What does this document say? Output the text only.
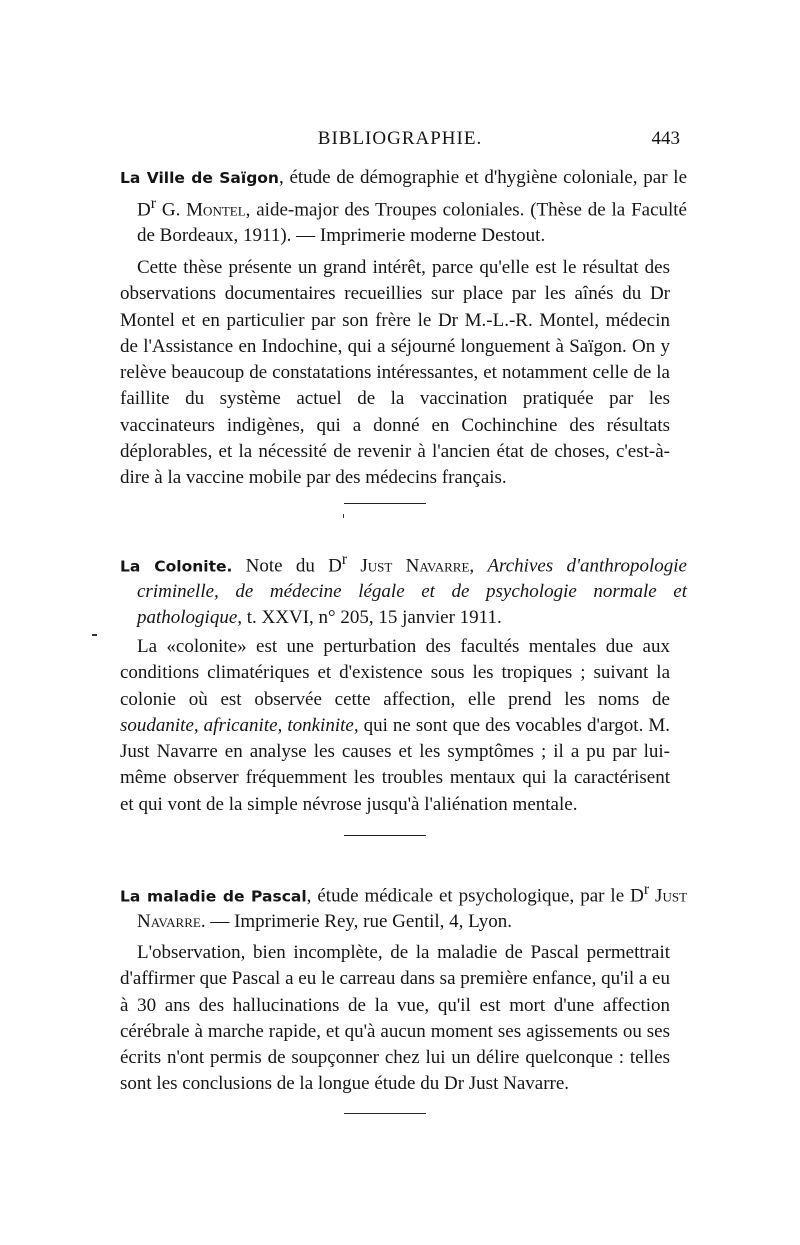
BIBLIOGRAPHIE.	443
La Ville de Saïgon, étude de démographie et d'hygiène coloniale, par le $D^r$ G. Montel, aide-major des Troupes coloniales. (Thèse de la Faculté de Bordeaux, 1911). — Imprimerie moderne Destout.

Cette thèse présente un grand intérêt, parce qu'elle est le résultat des observations documentaires recueillies sur place par les aînés du Dr Montel et en particulier par son frère le Dr M.-L.-R. Montel, médecin de l'Assistance en Indochine, qui a séjourné longuement à Saïgon. On y relève beaucoup de constatations intéressantes, et notamment celle de la faillite du système actuel de la vaccination pratiquée par les vaccinateurs indigènes, qui a donné en Cochinchine des résultats déplorables, et la nécessité de revenir à l'ancien état de choses, c'est-à-dire à la vaccine mobile par des médecins français.

La Colonite. Note du $D^r$ Just Navarre, Archives d'anthropologie criminelle, de médecine légale et de psychologie normale et pathologique, t. XXVI, n° 205, 15 janvier 1911.

La «colonite» est une perturbation des facultés mentales due aux conditions climatériques et d'existence sous les tropiques ; suivant la colonie où est observée cette affection, elle prend les noms de soudanite, africanite, tonkinite, qui ne sont que des vocables d'argot. M. Just Navarre en analyse les causes et les symptômes ; il a pu par lui-même observer fréquemment les troubles mentaux qui la caractérisent et qui vont de la simple névrose jusqu'à l'aliénation mentale.

La maladie de Pascal, étude médicale et psychologique, par le $D^r$ Just Navarre. — Imprimerie Rey, rue Gentil, 4, Lyon.

L'observation, bien incomplète, de la maladie de Pascal permettrait d'affirmer que Pascal a eu le carreau dans sa première enfance, qu'il a eu à 30 ans des hallucinations de la vue, qu'il est mort d'une affection cérébrale à marche rapide, et qu'à aucun moment ses agissements ou ses écrits n'ont permis de soupçonner chez lui un délire quelconque : telles sont les conclusions de la longue étude du Dr Just Navarre.
